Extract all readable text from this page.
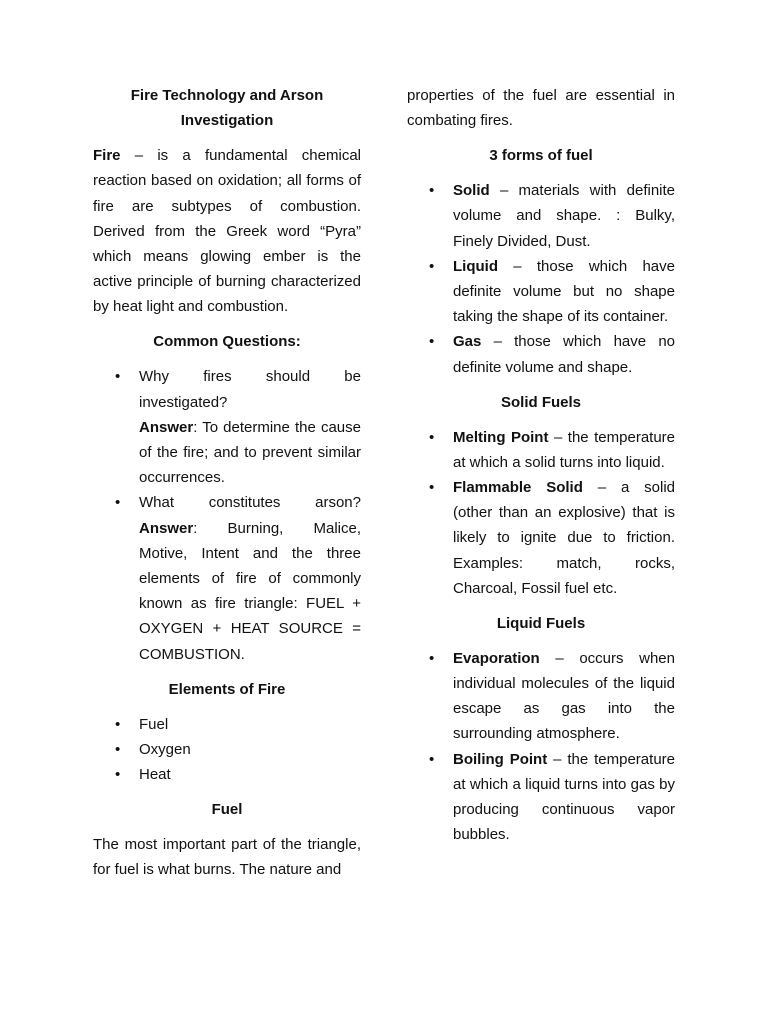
Fire Technology and Arson Investigation

Fire – is a fundamental chemical reaction based on oxidation; all forms of fire are subtypes of combustion. Derived from the Greek word “Pyra” which means glowing ember is the active principle of burning characterized by heat light and combustion.

Common Questions:
• Why fires should be investigated?
Answer: To determine the cause of the fire; and to prevent similar occurrences.
• What constitutes arson? Answer: Burning, Malice, Motive, Intent and the three elements of fire of commonly known as fire triangle: FUEL + OXYGEN + HEAT SOURCE = COMBUSTION.
Elements of Fire
• Fuel
• Oxygen
• Heat
Fuel

The most important part of the triangle, for fuel is what burns. The nature and

properties of the fuel are essential in combating fires.

3 forms of fuel
• Solid – materials with definite volume and shape. : Bulky, Finely Divided, Dust.
• Liquid – those which have definite volume but no shape taking the shape of its container.
• Gas – those which have no definite volume and shape.
Solid Fuels
• Melting Point – the temperature at which a solid turns into liquid.
• Flammable Solid – a solid (other than an explosive) that is likely to ignite due to friction. Examples: match, rocks, Charcoal, Fossil fuel etc.
Liquid Fuels
• Evaporation – occurs when individual molecules of the liquid escape as gas into the surrounding atmosphere.
• Boiling Point – the temperature at which a liquid turns into gas by producing continuous vapor bubbles.
